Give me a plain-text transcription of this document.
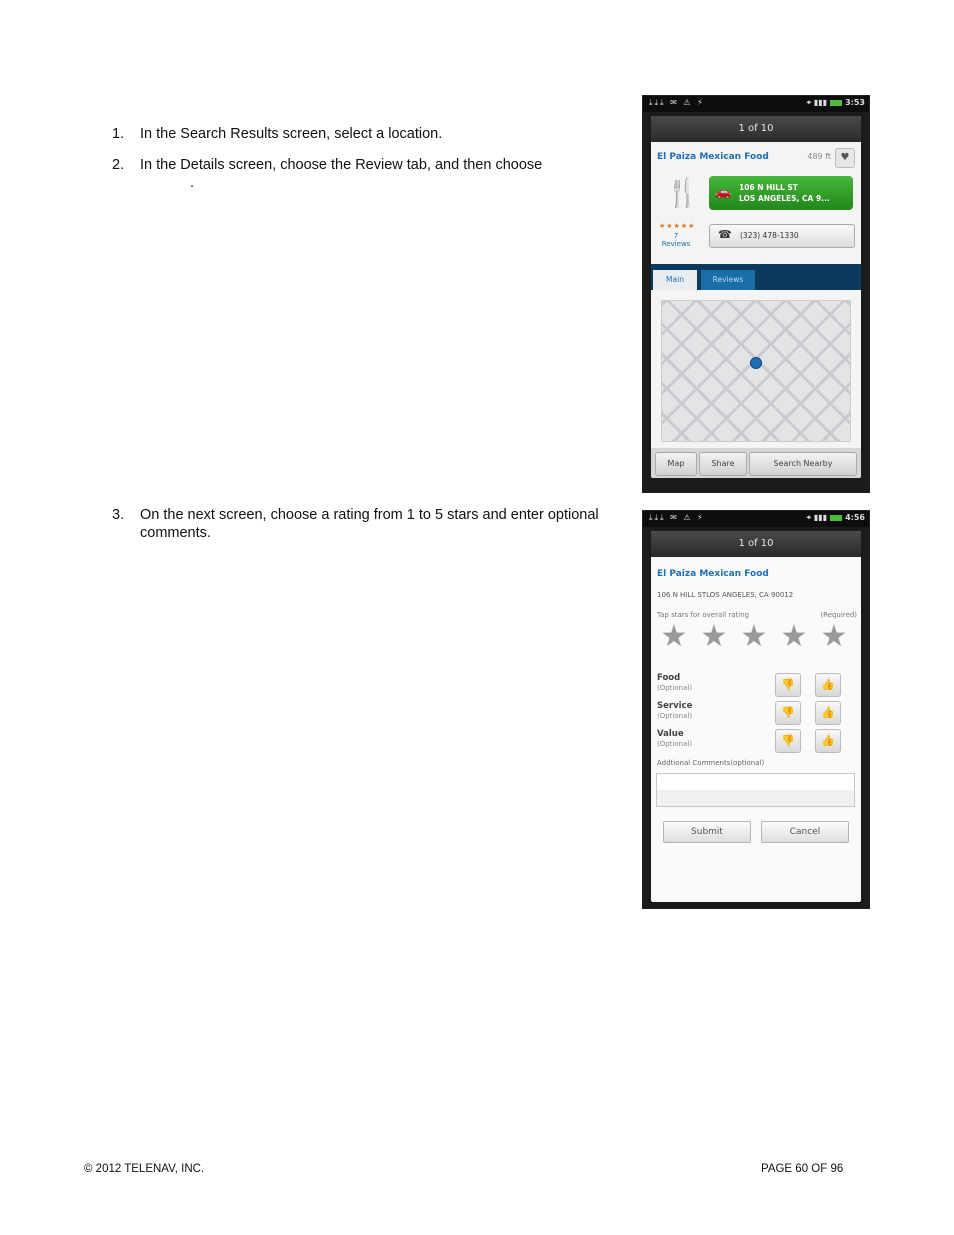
1.	In the Search Results screen, select a location.
2.	In the Details screen, choose the Review tab, and then choose
.
3.	On the next screen, choose a rating from 1 to 5 stars and enter optional comments.
⤓⤓⤓ ✉ ⚠ ⚡	⌖ ▮▮▮ 3:53
1 of 10
El Paiza Mexican Food	489 ft ♥
🍴 🚗 106 N HILL ST
LOS ANGELES, CA 9...
★★★★★
7
Reviews
☎ (323) 478-1330
Main	Reviews
Map	Share	Search Nearby
⤓⤓⤓ ✉ ⚠ ⚡	⌖ ▮▮▮ 4:56
1 of 10
El Paiza Mexican Food
106 N HILL STLOS ANGELES, CA 90012
Tap stars for overall rating	(Required)
★ ★ ★ ★ ★
Food
(Optional)	👎	👍
Service
(Optional)	👎	👍
Value
(Optional)	👎	👍
Addtional Comments(optional)
Submit	Cancel
© 2012 TELENAV, INC.	PAGE 60 OF 96
